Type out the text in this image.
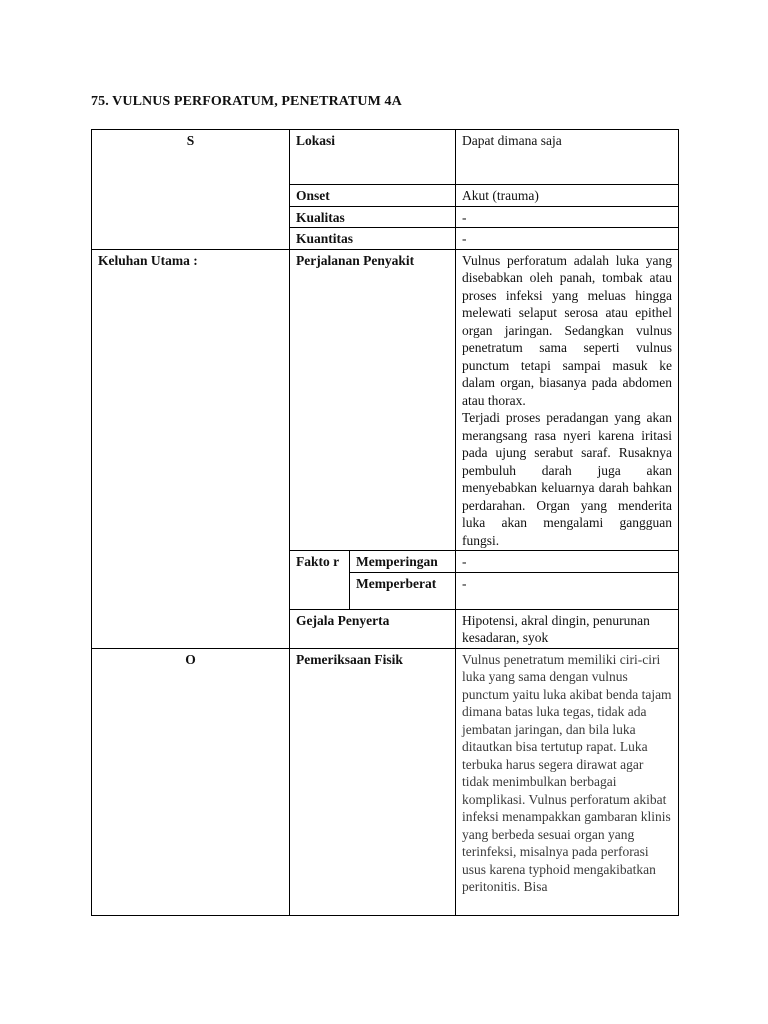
75. VULNUS PERFORATUM, PENETRATUM 4A
S	Lokasi		Dapat dimana saja
	Onset		Akut (trauma)
	Kualitas		-
	Kuantitas		-
Keluhan Utama :	Perjalanan Penyakit		Vulnus perforatum adalah luka yang disebabkan oleh panah, tombak atau proses infeksi yang meluas hingga melewati selaput serosa atau epithel organ jaringan. Sedangkan vulnus penetratum sama seperti vulnus punctum tetapi sampai masuk ke dalam organ, biasanya pada abdomen atau thorax.
Terjadi proses peradangan yang akan merangsang rasa nyeri karena iritasi pada ujung serabut saraf. Rusaknya pembuluh darah juga akan menyebabkan keluarnya darah bahkan perdarahan. Organ yang menderita luka akan mengalami gangguan fungsi.

	Fakto r	Memperingan	-
		Memperberat	-
	Gejala Penyerta		Hipotensi, akral dingin, penurunan kesadaran, syok
O	Pemeriksaan Fisik		Vulnus penetratum memiliki ciri-ciri luka yang sama dengan vulnus punctum yaitu luka akibat benda tajam dimana batas luka tegas, tidak ada jembatan jaringan, dan bila luka ditautkan bisa tertutup rapat. Luka terbuka harus segera dirawat agar tidak menimbulkan berbagai komplikasi. Vulnus perforatum akibat infeksi menampakkan gambaran klinis yang berbeda sesuai organ yang terinfeksi, misalnya pada perforasi usus karena typhoid mengakibatkan peritonitis. Bisa
